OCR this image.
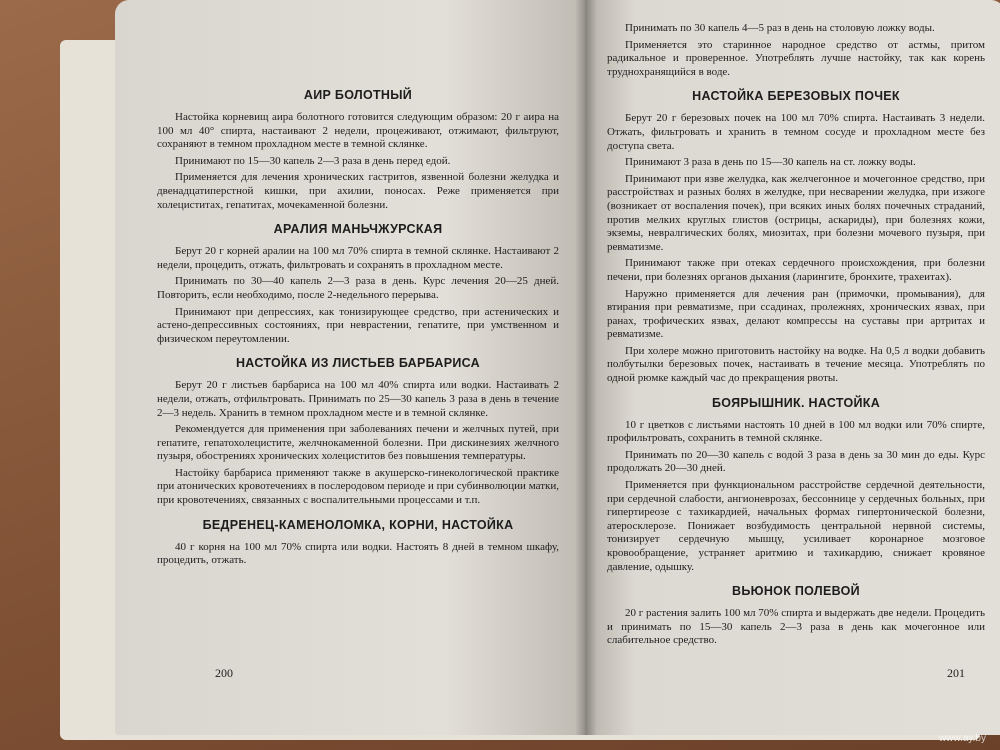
АИР БОЛОТНЫЙ

Настойка корневищ аира болотного готовится следующим образом: 20 г аира на 100 мл 40° спирта, настаивают 2 недели, процеживают, отжимают, фильтруют, сохраняют в темном прохладном месте в темной склянке.

Принимают по 15—30 капель 2—3 раза в день перед едой.

Применяется для лечения хронических гастритов, язвенной болезни желудка и двенадцатиперстной кишки, при ахилии, поносах. Реже применяется при холециститах, гепатитах, мочекаменной болезни.

АРАЛИЯ МАНЬЧЖУРСКАЯ

Берут 20 г корней аралии на 100 мл 70% спирта в темной склянке. Настаивают 2 недели, процедить, отжать, фильтровать и сохранять в прохладном месте.

Принимать по 30—40 капель 2—3 раза в день. Курс лечения 20—25 дней. Повторить, если необходимо, после 2-недельного перерыва.

Принимают при депрессиях, как тонизирующее средство, при астенических и астено-депрессивных состояниях, при неврастении, гепатите, при умственном и физическом переутомлении.

НАСТОЙКА ИЗ ЛИСТЬЕВ БАРБАРИСА

Берут 20 г листьев барбариса на 100 мл 40% спирта или водки. Настаивать 2 недели, отжать, отфильтровать. Принимать по 25—30 капель 3 раза в день в течение 2—3 недель. Хранить в темном прохладном месте и в темной склянке.

Рекомендуется для применения при заболеваниях печени и желчных путей, при гепатите, гепатохолецистите, желчнокаменной болезни. При дискинезиях желчного пузыря, обострениях хронических холециститов без повышения температуры.

Настойку барбариса применяют также в акушерско-гинекологической практике при атонических кровотечениях в послеродовом периоде и при субинволюции матки, при кровотечениях, связанных с воспалительными процессами и т.п.

БЕДРЕНЕЦ-КАМЕНОЛОМКА, КОРНИ, НАСТОЙКА

40 г корня на 100 мл 70% спирта или водки. Настоять 8 дней в темном шкафу, процедить, отжать.

200

Принимать по 30 капель 4—5 раз в день на столовую ложку воды.

Применяется это старинное народное средство от астмы, притом радикальное и проверенное. Употреблять лучше настойку, так как корень труднохранящийся в воде.

НАСТОЙКА БЕРЕЗОВЫХ ПОЧЕК

Берут 20 г березовых почек на 100 мл 70% спирта. Настаивать 3 недели. Отжать, фильтровать и хранить в темном сосуде и прохладном месте без доступа света.

Принимают 3 раза в день по 15—30 капель на ст. ложку воды.

Принимают при язве желудка, как желчегонное и мочегонное средство, при расстройствах и разных болях в желудке, при несварении желудка, при изжоге (возникает от воспаления почек), при всяких иных болях почечных страданий, против мелких круглых глистов (острицы, аскариды), при болезнях кожи, экземы, невралгических болях, миозитах, при болезни мочевого пузыря, при ревматизме.

Принимают также при отеках сердечного происхождения, при болезни печени, при болезнях органов дыхания (ларингите, бронхите, трахеитах).

Наружно применяется для лечения ран (примочки, промывания), для втирания при ревматизме, при ссадинах, пролежнях, хронических язвах, при ранах, трофических язвах, делают компрессы на суставы при артритах и ревматизме.

При холере можно приготовить настойку на водке. На 0,5 л водки добавить полбутылки березовых почек, настаивать в течение месяца. Употреблять по одной рюмке каждый час до прекращения рвоты.

БОЯРЫШНИК. НАСТОЙКА

10 г цветков с листьями настоять 10 дней в 100 мл водки или 70% спирте, профильтровать, сохранить в темной склянке.

Принимать по 20—30 капель с водой 3 раза в день за 30 мин до еды. Курс продолжать 20—30 дней.

Применяется при функциональном расстройстве сердечной деятельности, при сердечной слабости, ангионеврозах, бессоннице у сердечных больных, при гипертиреозе с тахикардией, начальных формах гипертонической болезни, атеросклерозе. Понижает возбудимость центральной нервной системы, тонизирует сердечную мышцу, усиливает коронарное мозговое кровообращение, устраняет аритмию и тахикардию, снижает кровяное давление, одышку.

ВЬЮНОК ПОЛЕВОЙ

20 г растения залить 100 мл 70% спирта и выдержать две недели. Процедить и принимать по 15—30 капель 2—3 раза в день как мочегонное или слабительное средство.

201
www.ay.by
